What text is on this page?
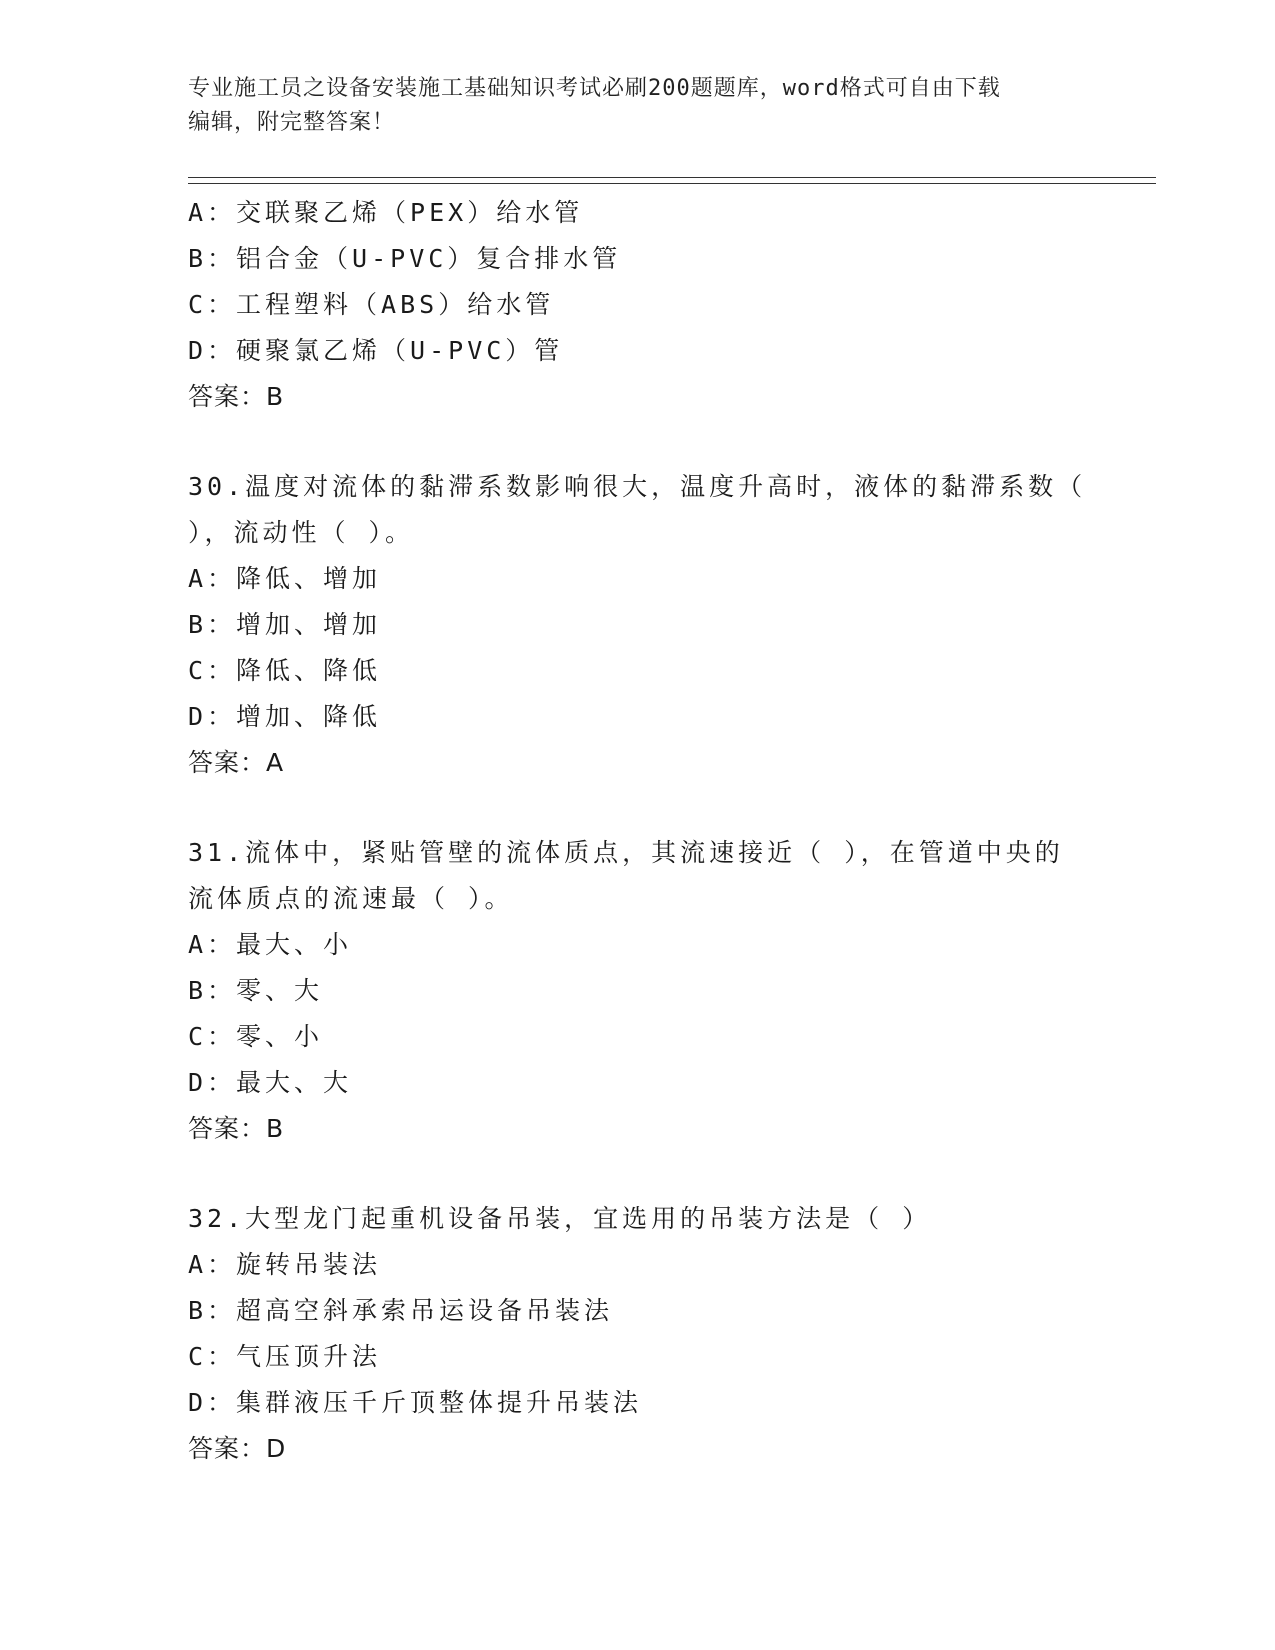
专业施工员之设备安装施工基础知识考试必刷200题题库，word格式可自由下载
编辑，附完整答案！
A：交联聚乙烯（PEX）给水管
B：铝合金（U-PVC）复合排水管
C：工程塑料（ABS）给水管
D：硬聚氯乙烯（U-PVC）管
答案：B
30.温度对流体的黏滞系数影响很大，温度升高时，液体的黏滞系数（
），流动性（ ）。
A：降低、增加
B：增加、增加
C：降低、降低
D：增加、降低
答案：A
31.流体中，紧贴管壁的流体质点，其流速接近（ ），在管道中央的
流体质点的流速最（ ）。
A：最大、小
B：零、大
C：零、小
D：最大、大
答案：B
32.大型龙门起重机设备吊装，宜选用的吊装方法是（ ）
A：旋转吊装法
B：超高空斜承索吊运设备吊装法
C：气压顶升法
D：集群液压千斤顶整体提升吊装法
答案：D
